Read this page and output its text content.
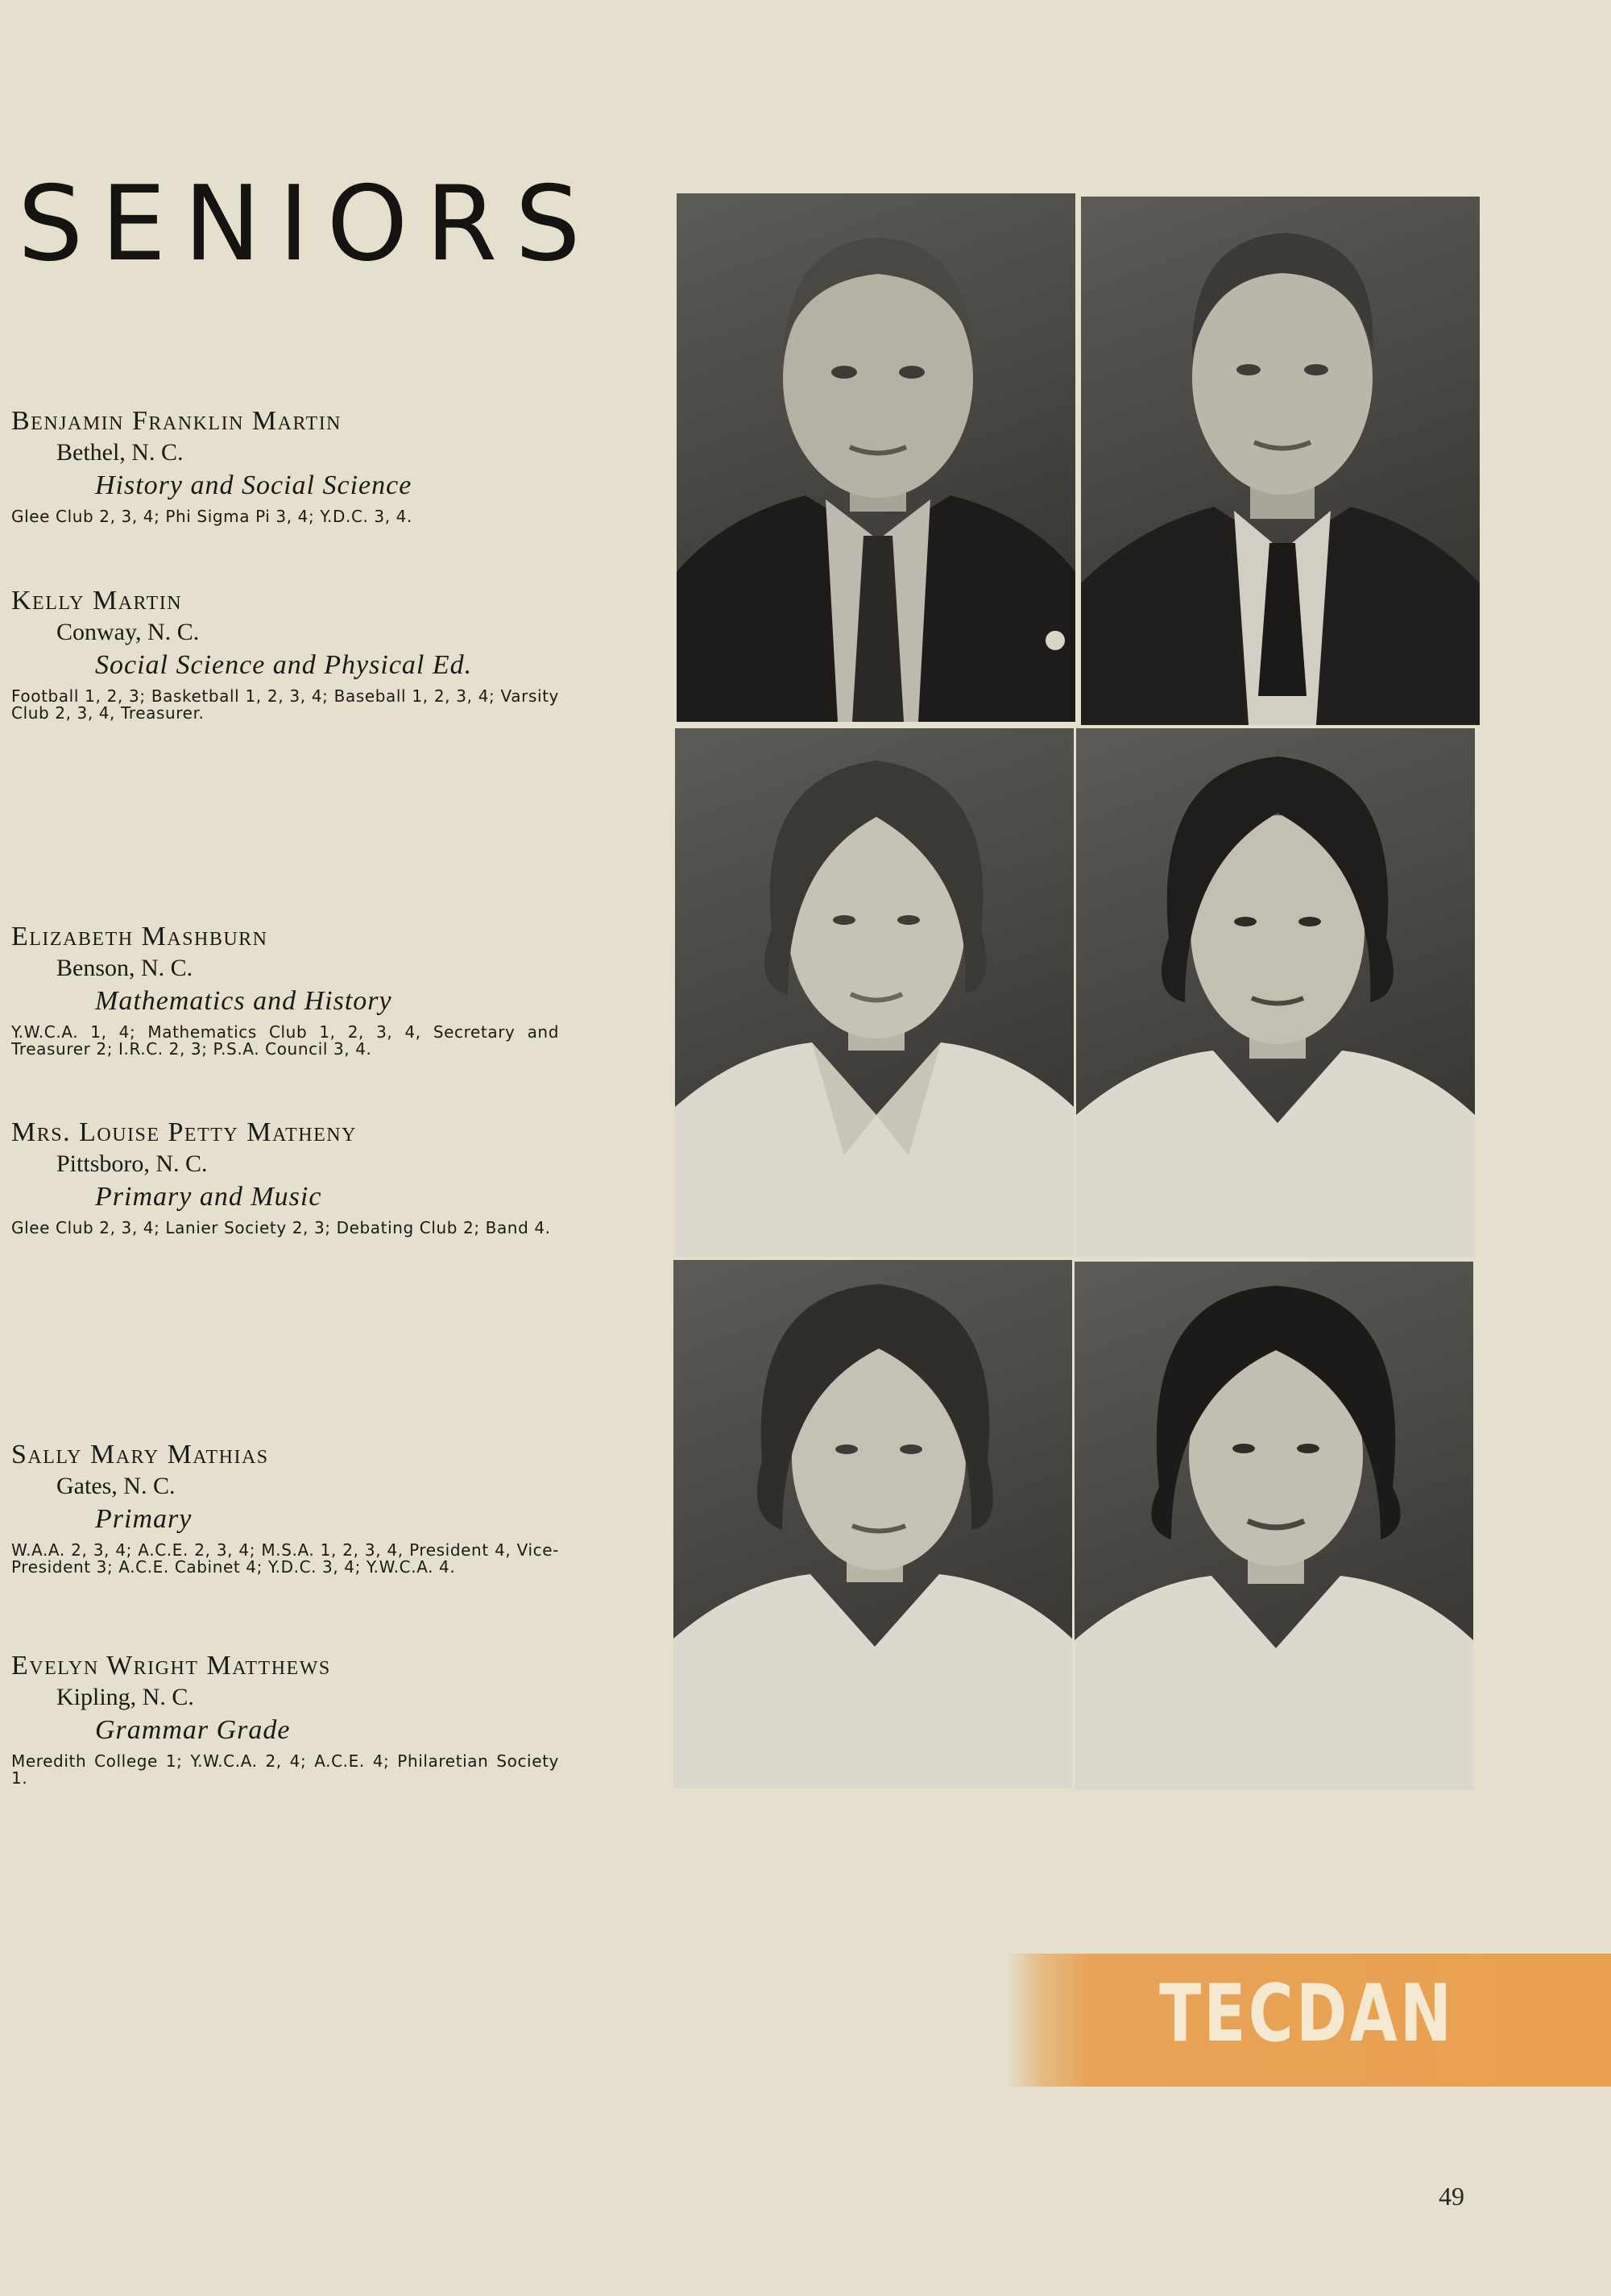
SENIORS
Benjamin Franklin Martin
Bethel, N. C.
History and Social Science
Glee Club 2, 3, 4; Phi Sigma Pi 3, 4; Y.D.C. 3, 4.
Kelly Martin
Conway, N. C.
Social Science and Physical Ed.
Football 1, 2, 3; Basketball 1, 2, 3, 4; Baseball 1, 2, 3, 4; Varsity Club 2, 3, 4, Treasurer.
Elizabeth Mashburn
Benson, N. C.
Mathematics and History
Y.W.C.A. 1, 4; Mathematics Club 1, 2, 3, 4, Secretary and Treasurer 2; I.R.C. 2, 3; P.S.A. Council 3, 4.
Mrs. Louise Petty Matheny
Pittsboro, N. C.
Primary and Music
Glee Club 2, 3, 4; Lanier Society 2, 3; Debating Club 2; Band 4.
Sally Mary Mathias
Gates, N. C.
Primary
W.A.A. 2, 3, 4; A.C.E. 2, 3, 4; M.S.A. 1, 2, 3, 4, President 4, Vice-President 3; A.C.E. Cabinet 4; Y.D.C. 3, 4; Y.W.C.A. 4.
Evelyn Wright Matthews
Kipling, N. C.
Grammar Grade
Meredith College 1; Y.W.C.A. 2, 4; A.C.E. 4; Philaretian Society 1.
TECDAN
49
